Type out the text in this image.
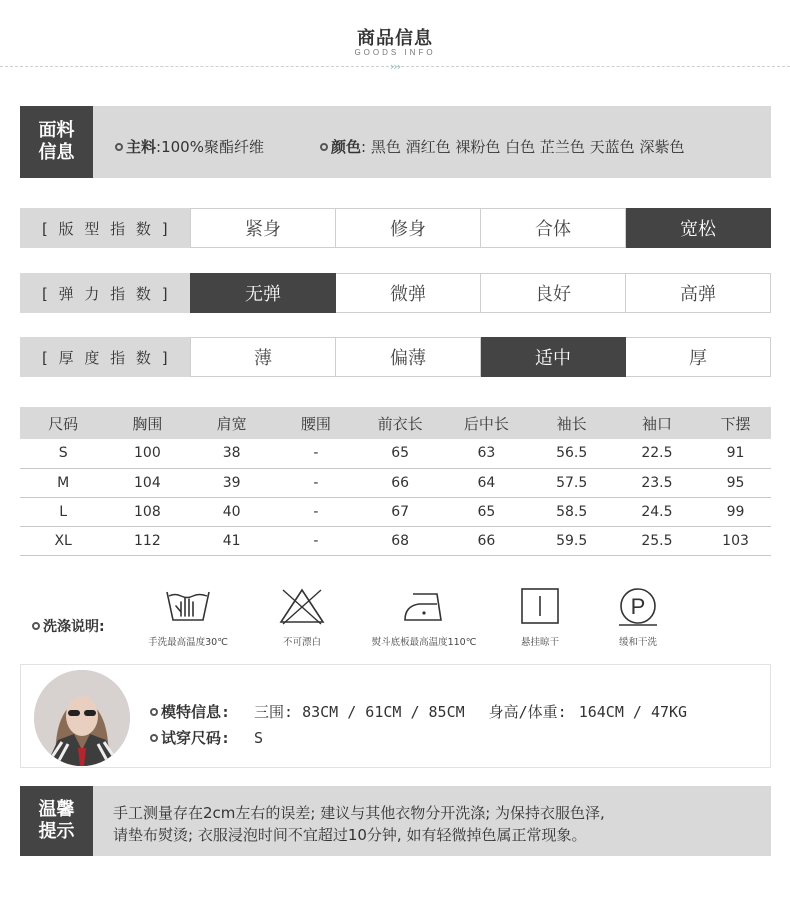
商品信息
GOODS INFO
›››
面料
信息	主料:100%聚酯纤维	颜色: 黑色 酒红色 裸粉色 白色 芷兰色 天蓝色 深紫色
[ 版 型 指 数 ]	紧身	修身	合体	宽松
[ 弹 力 指 数 ]	无弹	微弹	良好	高弹
[ 厚 度 指 数 ]	薄	偏薄	适中	厚
尺码	胸围	肩宽	腰围	前衣长	后中长	袖长	袖口	下摆
S	100	38	-	65	63	56.5	22.5	91
M	104	39	-	66	64	57.5	23.5	95
L	108	40	-	67	65	58.5	24.5	99
XL	112	41	-	68	66	59.5	25.5	103
洗涤说明:
手洗最高温度30℃	不可漂白	熨斗底板最高温度110℃	悬挂晾干
P
缓和干洗
模特信息: 三围: 83CM / 61CM / 85CM 身高/体重: 164CM / 47KG
试穿尺码: S
温馨
提示
手工测量存在2cm左右的误差; 建议与其他衣物分开洗涤; 为保持衣服色泽,
请垫布熨烫; 衣服浸泡时间不宜超过10分钟, 如有轻微掉色属正常现象。
